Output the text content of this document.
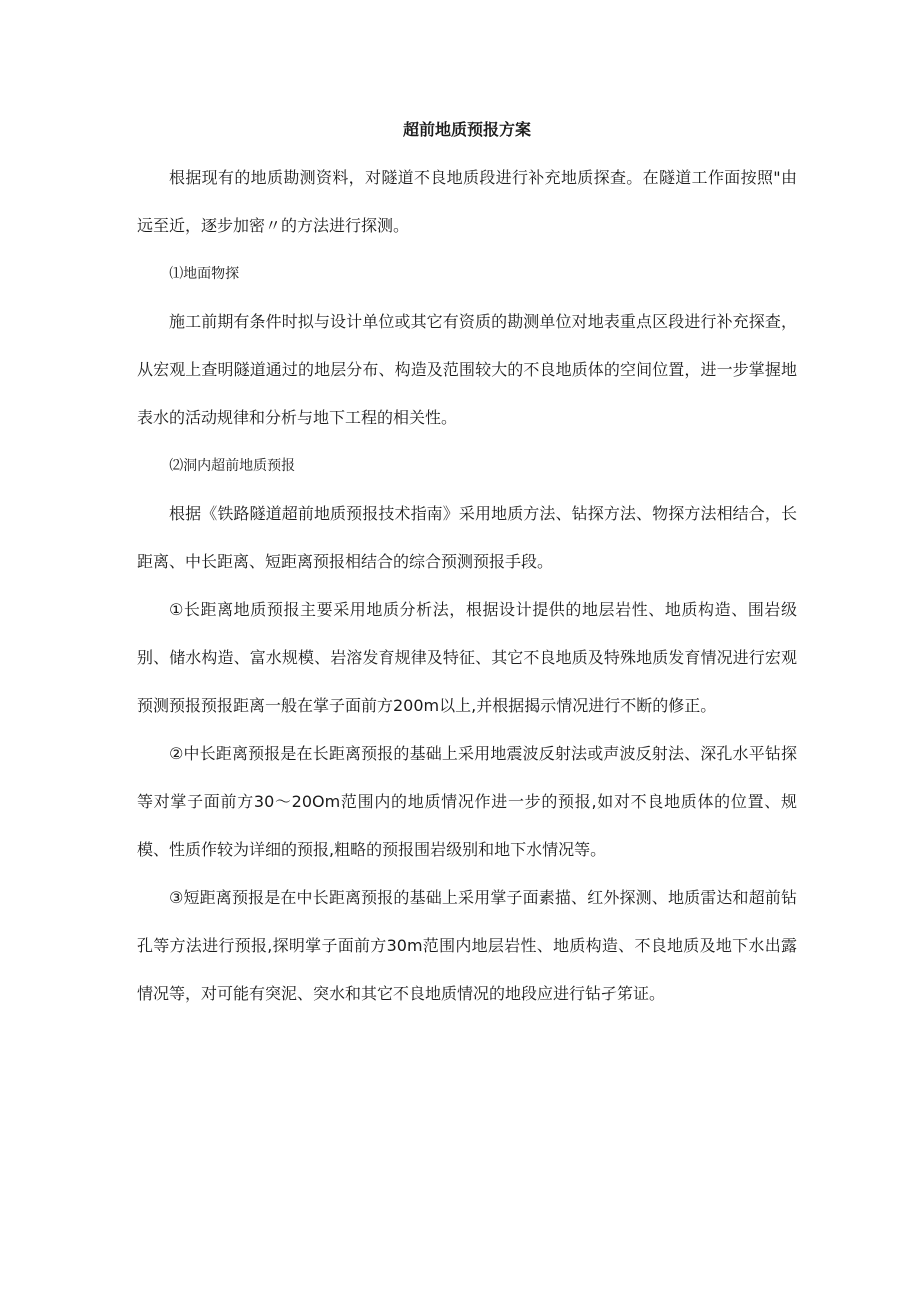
超前地质预报方案

根据现有的地质勘测资料，对隧道不良地质段进行补充地质探查。在隧道工作面按照"由远至近，逐步加密〃的方法进行探测。

⑴地面物探

施工前期有条件时拟与设计单位或其它有资质的勘测单位对地表重点区段进行补充探查，从宏观上查明隧道通过的地层分布、构造及范围较大的不良地质体的空间位置，进一步掌握地表水的活动规律和分析与地下工程的相关性。

⑵洞内超前地质预报

根据《铁路隧道超前地质预报技术指南》采用地质方法、钻探方法、物探方法相结合，长距离、中长距离、短距离预报相结合的综合预测预报手段。

①长距离地质预报主要采用地质分析法，根据设计提供的地层岩性、地质构造、围岩级别、储水构造、富水规模、岩溶发育规律及特征、其它不良地质及特殊地质发育情况进行宏观预测预报预报距离一般在掌子面前方200m以上,并根据揭示情况进行不断的修正。

②中长距离预报是在长距离预报的基础上采用地震波反射法或声波反射法、深孔水平钻探等对掌子面前方30～20Om范围内的地质情况作进一步的预报,如对不良地质体的位置、规模、性质作较为详细的预报,粗略的预报围岩级别和地下水情况等。

③短距离预报是在中长距离预报的基础上采用掌子面素描、红外探测、地质雷达和超前钻孔等方法进行预报,探明掌子面前方30m范围内地层岩性、地质构造、不良地质及地下水出露情况等，对可能有突泥、突水和其它不良地质情况的地段应进行钻孑笫证。
